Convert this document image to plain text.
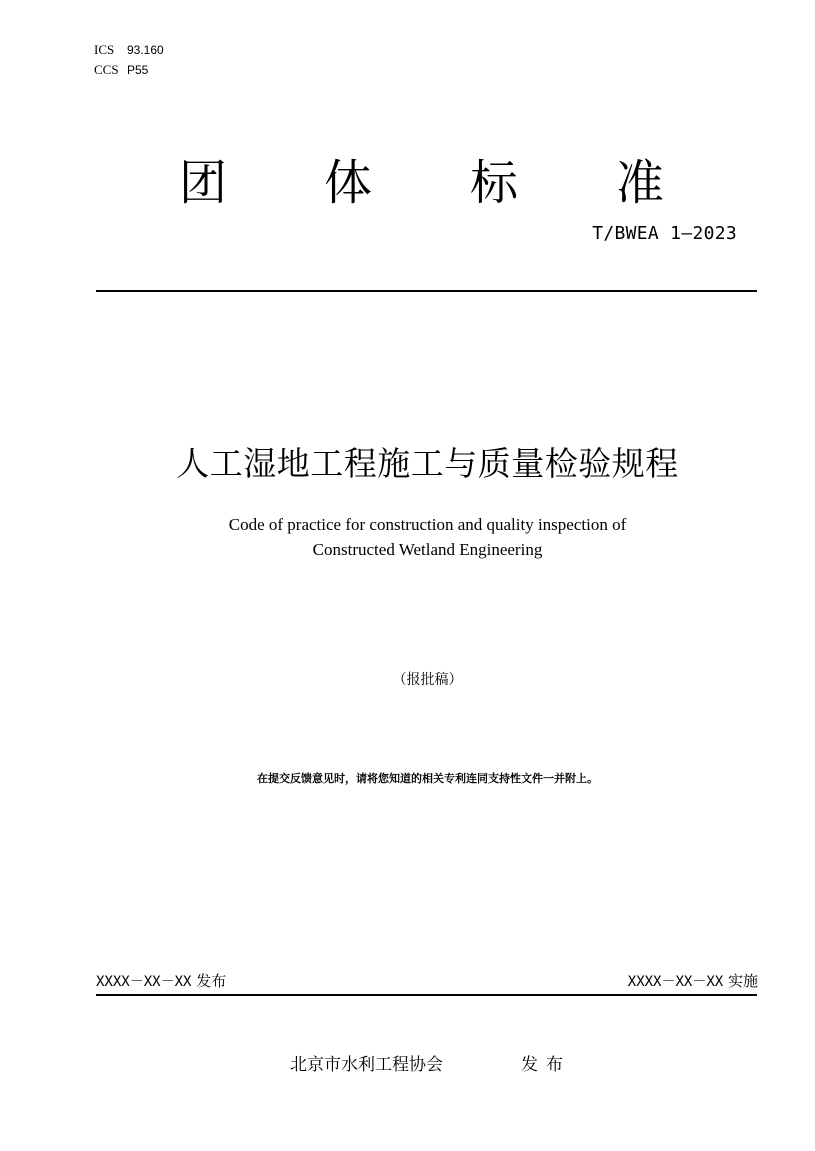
ICS 93.160
CCS P55
团 体 标 准
T/BWEA 1—2023
人工湿地工程施工与质量检验规程
Code of practice for construction and quality inspection of
Constructed Wetland Engineering
（报批稿）
在提交反馈意见时，请将您知道的相关专利连同支持性文件一并附上。
XXXX－XX－XX 发布	XXXX－XX－XX 实施
北京市水利工程协会	发布
